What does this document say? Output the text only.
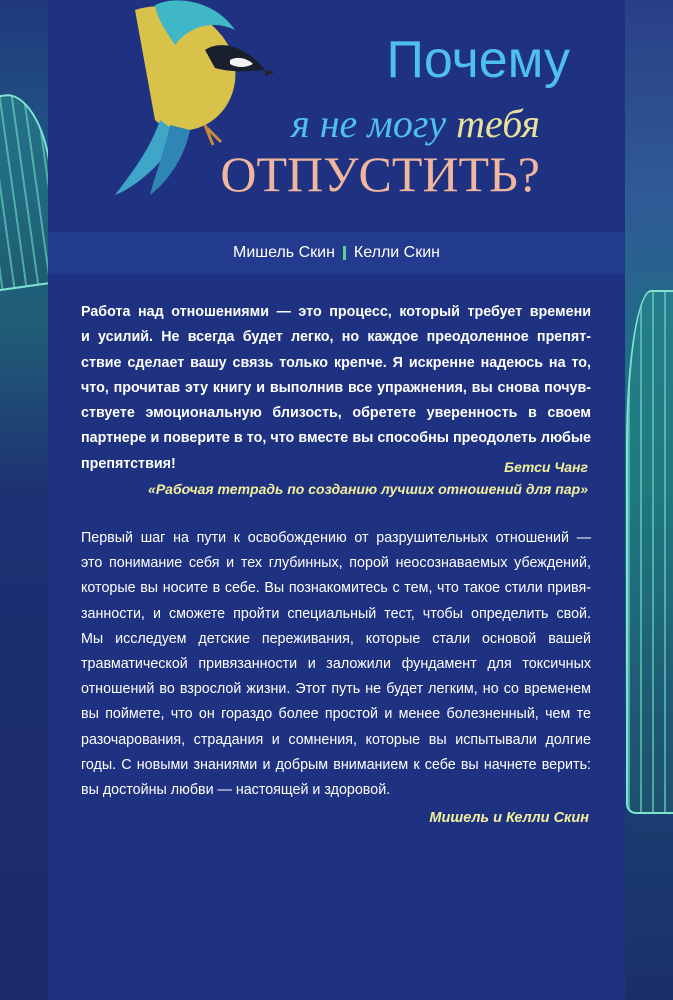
Почему
я не могу тебя
ОТПУСТИТЬ?
Мишель Скин Келли Скин
Работа над отношениями — это процесс, который требует времени
и усилий. Не всегда будет легко, но каждое преодоленное препят-
ствие сделает вашу связь только крепче. Я искренне надеюсь на то,
что, прочитав эту книгу и выполнив все упражнения, вы снова почув-
ствуете эмоциональную близость, обретете уверенность в своем
партнере и поверите в то, что вместе вы способны преодолеть любые
препятствия!	Бетси Чанг
«Рабочая тетрадь по созданию лучших отношений для пар»
Первый шаг на пути к освобождению от разрушительных отношений —
это понимание себя и тех глубинных, порой неосознаваемых убеждений,
которые вы носите в себе. Вы познакомитесь с тем, что такое стили привя-
занности, и сможете пройти специальный тест, чтобы определить свой.
Мы исследуем детские переживания, которые стали основой вашей
травматической привязанности и заложили фундамент для токсичных
отношений во взрослой жизни. Этот путь не будет легким, но со временем
вы поймете, что он гораздо более простой и менее болезненный, чем те
разочарования, страдания и сомнения, которые вы испытывали долгие
годы. С новыми знаниями и добрым вниманием к себе вы начнете верить:
вы достойны любви — настоящей и здоровой.
Мишель и Келли Скин
